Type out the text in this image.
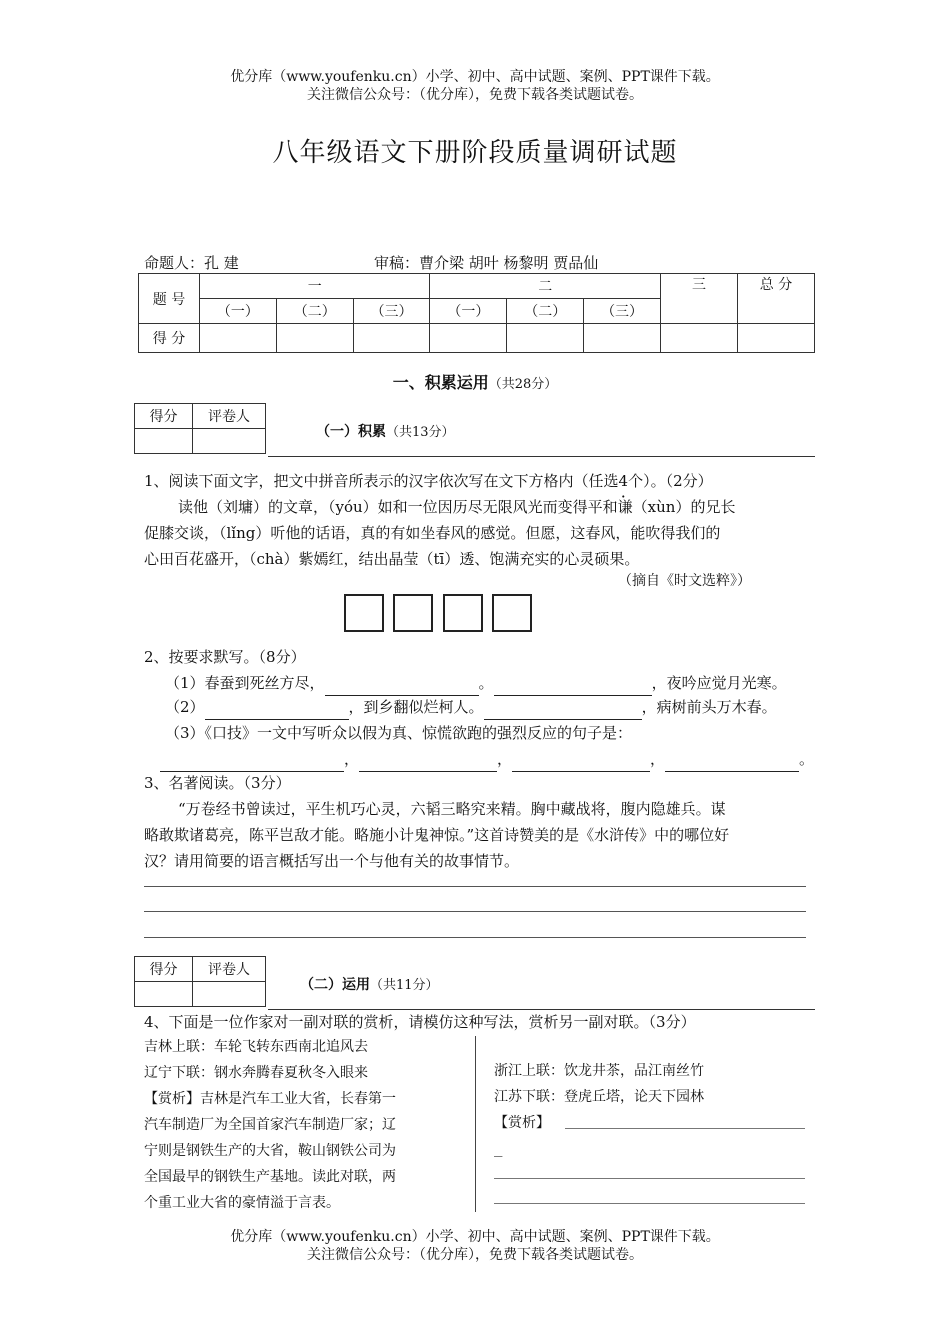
优分库（www.youfenku.cn）小学、初中、高中试题、案例、PPT课件下载。
关注微信公众号：（优分库），免费下载各类试题试卷。
八年级语文下册阶段质量调研试题
命题人：孔 建	审稿：曹介梁 胡叶 杨黎明 贾品仙
题 号	一			二			三	总 分
	（一）	（二）	（三）	（一）	（二）	（三）		
得 分								
一、积累运用（共28分）
得分	评卷人

（一）积累（共13分）
1、阅读下面文字，把文中拼音所表示的汉字依次写在文下方格内（任选4个 ·）。（2分）
读他（刘墉）的文章，（yóu）如和一位因历尽无限风光而变得平和谦（xùn）的兄长
促膝交谈，（lǐng）听他的话语，真的有如坐春风的感觉。但愿，这春风，能吹得我们的
心田百花盛开，（chà）紫嫣红，结出晶莹（tī）透、饱满充实的心灵硕果。
（摘自《时文选粹》）
2、按要求默写。（8分）
（1）春蚕到死丝方尽，	。	，夜吟应觉月光寒。
（2）	，到乡翻似烂柯人。	，病树前头万木春。
（3）《口技》一文中写听众以假为真、惊慌欲跑的强烈反应的句子是：
，	，	，	。
3、名著阅读。（3分）
“万卷经书曾读过，平生机巧心灵，六韬三略究来精。胸中藏战将，腹内隐雄兵。谋
略敢欺诸葛亮，陈平岂敌才能。略施小计鬼神惊。”这首诗赞美的是《水浒传》中的哪位好
汉？请用简要的语言概括写出一个与他有关的故事情节。
得分	评卷人

（二）运用（共11分）
4、下面是一位作家对一副对联的赏析，请模仿这种写法，赏析另一副对联。（3分）
吉林上联：车轮飞转东西南北追风去
辽宁下联：钢水奔腾春夏秋冬入眼来
【赏析】吉林是汽车工业大省，长春第一
汽车制造厂为全国首家汽车制造厂家；辽
宁则是钢铁生产的大省，鞍山钢铁公司为
全国最早的钢铁生产基地。读此对联，两
个重工业大省的豪情溢于言表。
浙江上联：饮龙井茶，品江南丝竹
江苏下联：登虎丘塔，论天下园林
【赏析】
_
优分库（www.youfenku.cn）小学、初中、高中试题、案例、PPT课件下载。
关注微信公众号：（优分库），免费下载各类试题试卷。
